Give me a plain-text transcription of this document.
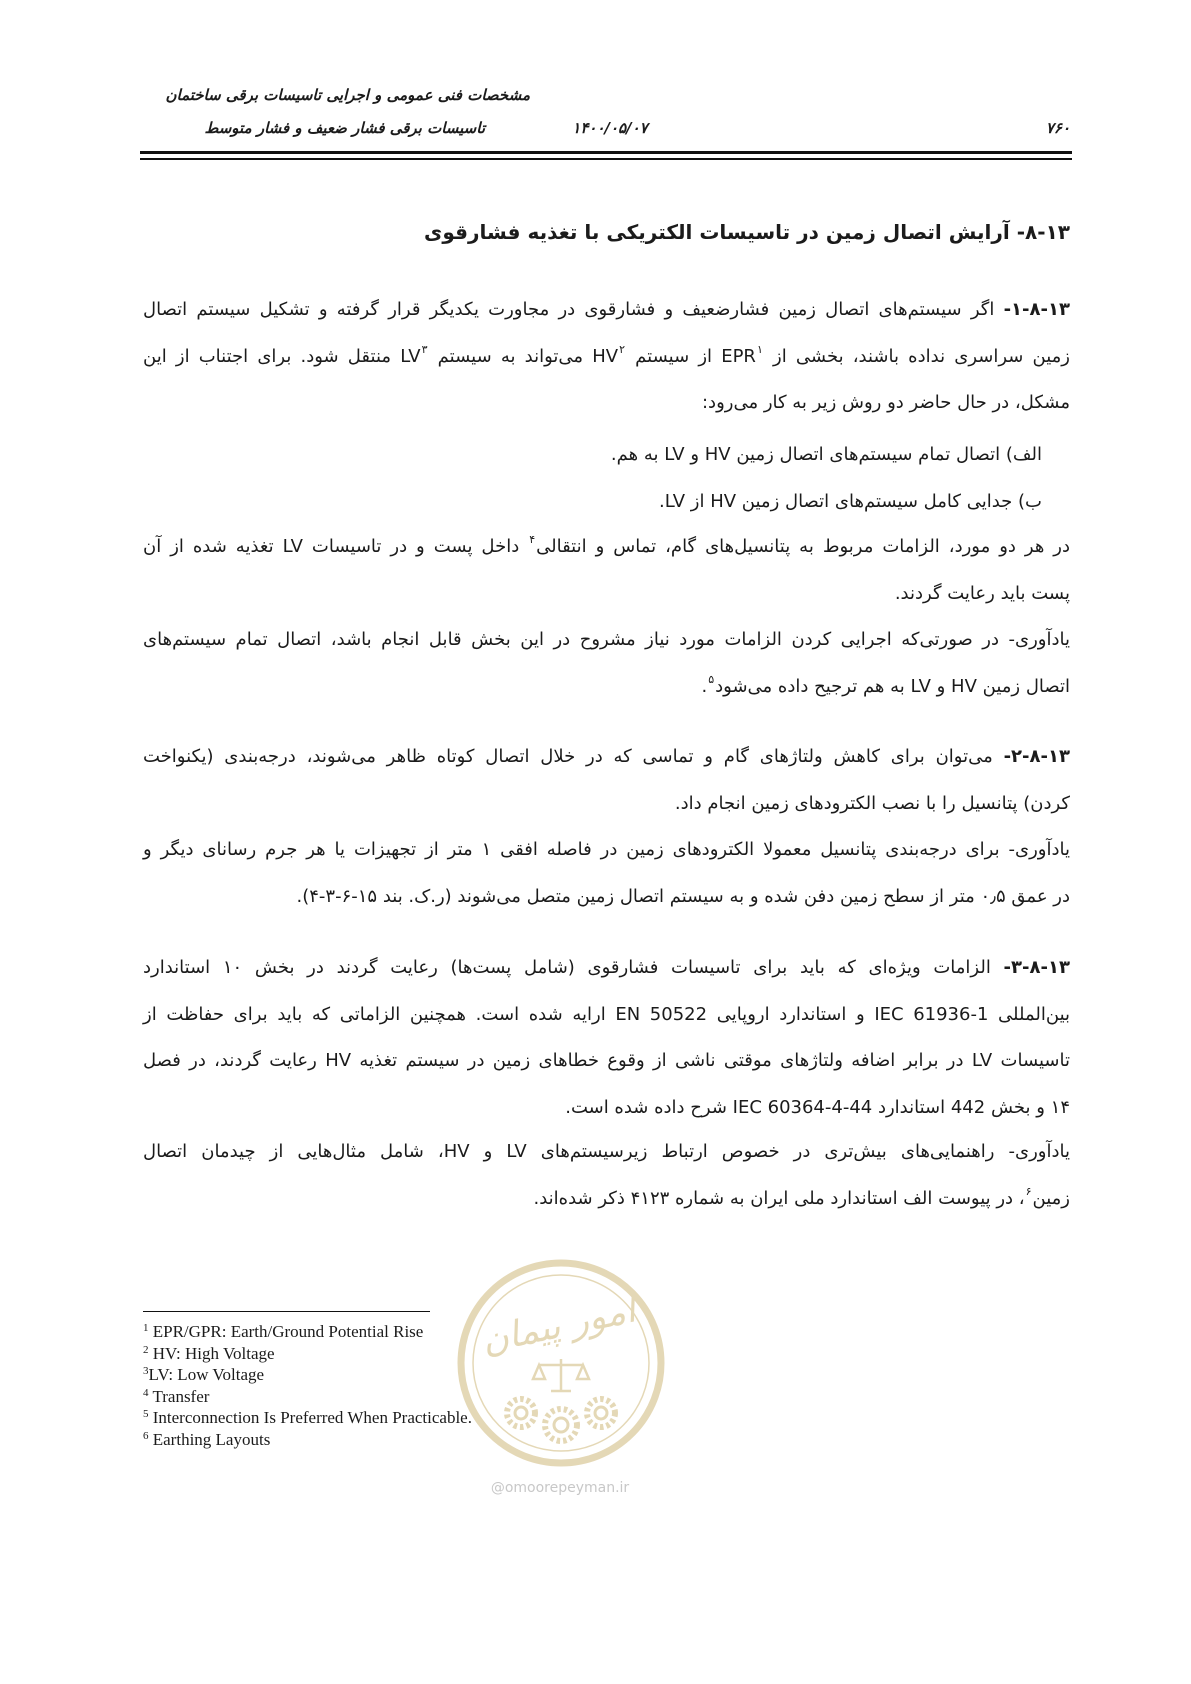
مشخصات فنی عمومی و اجرایی تاسیسات برقی ساختمان
تاسیسات برقی فشار ضعیف و فشار متوسط	۱۴۰۰/۰۵/۰۷	۷۶۰
۱۳-۸- آرایش اتصال زمین در تاسیسات الکتریکی با تغذیه فشارقوی
۱۳-۸-۱- اگر سیستم‌های اتصال زمین فشارضعیف و فشارقوی در مجاورت یکدیگر قرار گرفته و تشکیل سیستم اتصال
زمین سراسری نداده باشند، بخشی از EPR$^۱$ از سیستم HV$^۲$ می‌تواند به سیستم LV$^۳$ منتقل شود. برای اجتناب از این
مشکل، در حال حاضر دو روش زیر به کار می‌رود:
الف) اتصال تمام سیستم‌های اتصال زمین HV و LV به هم.
ب) جدایی کامل سیستم‌های اتصال زمین HV از LV.
در هر دو مورد، الزامات مربوط به پتانسیل‌های گام، تماس و انتقالی$^۴$ داخل پست و در تاسیسات LV تغذیه شده از آن
پست باید رعایت گردند.
یادآوری- در صورتی‌که اجرایی کردن الزامات مورد نیاز مشروح در این بخش قابل انجام باشد، اتصال تمام سیستم‌های
اتصال زمین HV و LV به هم ترجیح داده می‌شود$^۵$.
۱۳-۸-۲- می‌توان برای کاهش ولتاژهای گام و تماسی که در خلال اتصال کوتاه ظاهر می‌شوند، درجه‌بندی (یکنواخت
کردن) پتانسیل را با نصب الکترودهای زمین انجام داد.
یادآوری- برای درجه‌بندی پتانسیل معمولا الکترودهای زمین در فاصله افقی ۱ متر از تجهیزات یا هر جرم رسانای دیگر و
در عمق ۰٫۵ متر از سطح زمین دفن شده و به سیستم اتصال زمین متصل می‌شوند (ر.ک. بند ۱۵-۶-۳-۴).
۱۳-۸-۳- الزامات ویژه‌ای که باید برای تاسیسات فشارقوی (شامل پست‌ها) رعایت گردند در بخش ۱۰ استاندارد
بین‌المللی IEC 61936-1 و استاندارد اروپایی EN 50522 ارایه شده است. همچنین الزاماتی که باید برای حفاظت از
تاسیسات LV در برابر اضافه ولتاژهای موقتی ناشی از وقوع خطاهای زمین در سیستم تغذیه HV رعایت گردند، در فصل
۱۴ و بخش 442 استاندارد IEC 60364-4-44 شرح داده شده است.
یادآوری- راهنمایی‌های بیش‌تری در خصوص ارتباط زیرسیستم‌های LV و HV، شامل مثال‌هایی از چیدمان اتصال
زمین$^۶$، در پیوست الف استاندارد ملی ایران به شماره ۴۱۲۳ ذکر شده‌اند.
امور پیمان
@omoorepeyman.ir
$^1$ EPR/GPR: Earth/Ground Potential Rise
$^2$ HV: High Voltage
$^3$LV: Low Voltage
$^4$ Transfer
$^5$ Interconnection Is Preferred When Practicable.
$^6$ Earthing Layouts
